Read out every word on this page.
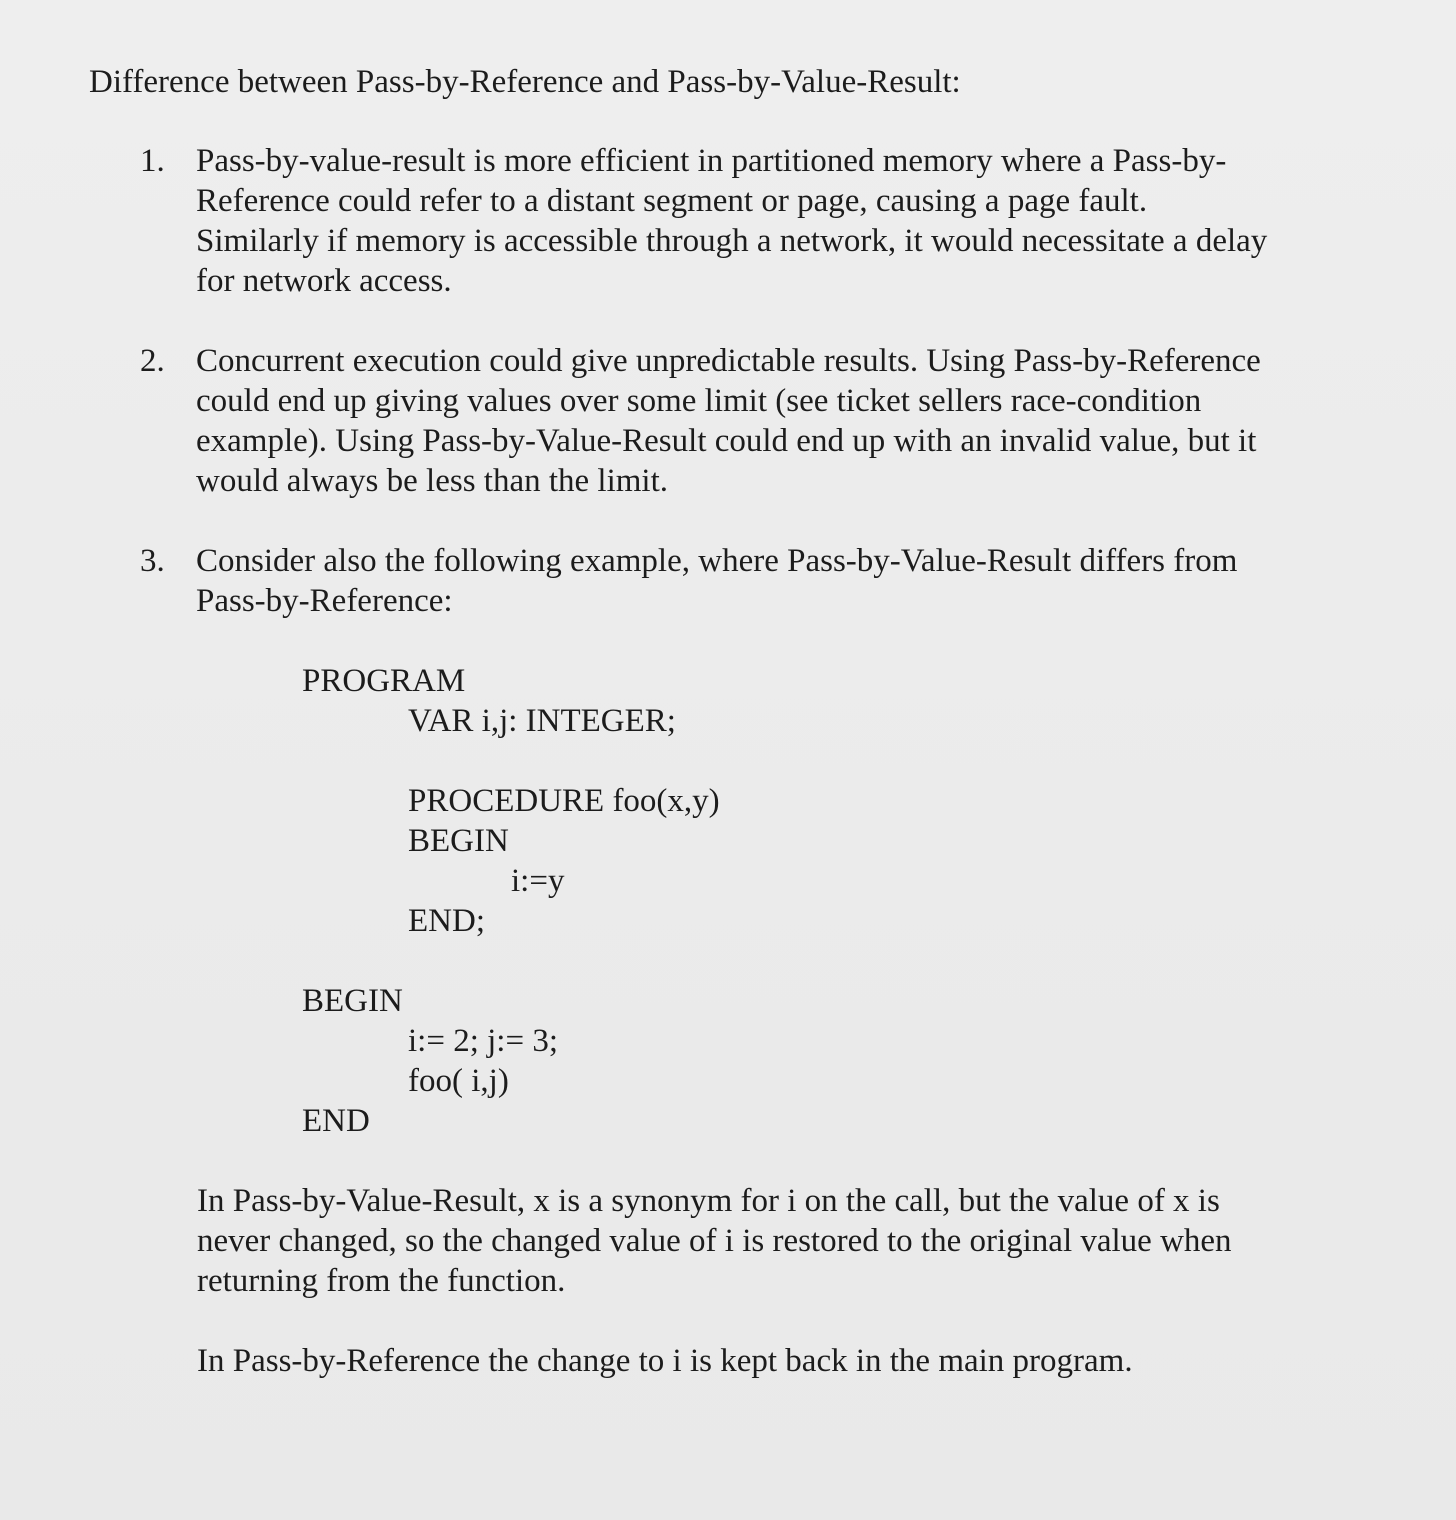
Difference between Pass-by-Reference and Pass-by-Value-Result:
1. Pass-by-value-result is more efficient in partitioned memory where a Pass-by-
Reference could refer to a distant segment or page, causing a page fault.
Similarly if memory is accessible through a network, it would necessitate a delay
for network access.
2. Concurrent execution could give unpredictable results. Using Pass-by-Reference
could end up giving values over some limit (see ticket sellers race-condition
example). Using Pass-by-Value-Result could end up with an invalid value, but it
would always be less than the limit.
3. Consider also the following example, where Pass-by-Value-Result differs from
Pass-by-Reference:
PROGRAM
VAR i,j: INTEGER;
PROCEDURE foo(x,y)
BEGIN
i:=y
END;
BEGIN
i:= 2; j:= 3;
foo( i,j)
END
In Pass-by-Value-Result, x is a synonym for i on the call, but the value of x is
never changed, so the changed value of i is restored to the original value when
returning from the function.
In Pass-by-Reference the change to i is kept back in the main program.
